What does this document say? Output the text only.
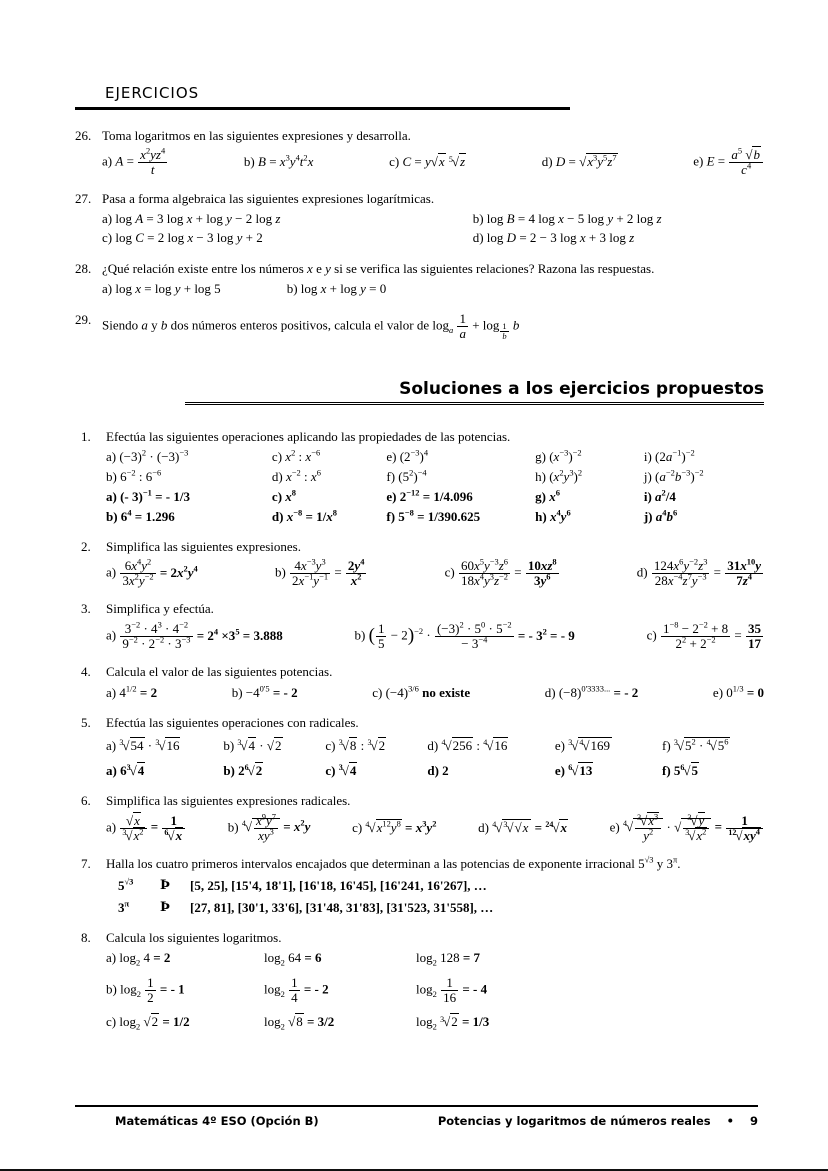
EJERCICIOS
26. Toma logaritmos en las siguientes expresiones y desarrolla.
a) $A = \frac{x^2yz^4}{t}$	b) $B = x^3y^4t^2x$	c) C = y√x $^5$√z	d) $D = √x^3y^5z^7$	e) $E = \frac{a^5 √b}{c^4}$
27. Pasa a forma algebraica las siguientes expresiones logarítmicas.
a) log A = 3 log x + log y − 2 log z	b) log B = 4 log x − 5 log y + 2 log z
c) log C = 2 log x − 3 log y + 2	d) log D = 2 − 3 log x + 3 log z
28. ¿Qué relación existe entre los números x e y si se verifica las siguientes relaciones? Razona las respuestas.
a) log x = log y + log 5	b) log x + log y = 0
29. Siendo a y b dos números enteros positivos, calcula el valor de $\log_a \frac{1}{a} + \log _{\frac{1}{b}}$ b
Soluciones a los ejercicios propuestos
1.	Efectúa las siguientes operaciones aplicando las propiedades de las potencias.
a) $(-3)^2 \cdot (-3)^{-3}$	c) $x^2$ : $x^{-6}$	e) $(2^{-3})^4$	g) $(x^{-3})^{-2}$	i) $(2a^{-1})^{-2}$
b) $6^{-2}$ : $6^{-6}$	d) $x^{-2}$ : $x^6$	f) $(5^2)^{-4}$	h) $(x^2y^3)^2$	j) $(a^{-2}b^{-3})^{-2}$
a) (- 3)$^{-1}$ = - 1/3	c) $x^8$	e) $2^{-12} = 1/4.096$	g) $x^6$	i) $a^2/4$
b) $6^4 = 1.296$	d) $x^{-8} = 1/x^8$	f) $5^{-8} = 1/390.625$	h) $x^4y^6$	j) $a^4b^6$
2.	Simplifica las siguientes expresiones.
$a) \frac{6x^4y^2}{3x^2y^{-2}} = 2x^2y^4$	$b) \frac{4x^{-3}y^3}{2x^{-1}y^{-1}} = \frac{2y^4}{x^2}$	$c) \frac{60x^5y^{-3}z^6}{18x^4y^3z^{-2}} = \frac{10xz^8}{3y^6}$	$d) \frac{124x^6y^{-2}z^3}{28x^{-4}z^7y^{-3}} = \frac{31x^{10}y}{7z^4}$
3.	Simplifica y efectúa.
$a) \frac{3^{-2} \cdot 4^3 \cdot 4^{-2}}{9^{-2} \cdot 2^{-2} \cdot 3^{-3}} = 2^4 \times 3^5 = 3.888$	b) ( $\frac{1}{5} - 2)^{-2} \cdot \frac{(-3)^2 \cdot 5^0 \cdot 5^{-2}}{- 3^{-4}}$ = - $3^2$ = - 9	$c) \frac{1^{-8} - 2^{-2} + 8}{2^2 + 2^{-2}} = \frac{35}{17}$
4.	Calcula el valor de las siguientes potencias.
a) $4^{1/2} = 2$	$b) -4^{0'5}$ = - 2	c) $(-4)^{3/6}$ no existe	d) $(-8)^{0'3333...}$ = - 2	e) $0^{1/3} = 0$
5.	Efectúa las siguientes operaciones con radicales.
a) $^3$√54 · $^3$√16	b) $^3$√4 · √2	c) $^3$√8 : $^3$√2	d) $^4$√256 : $^4$√16	e) $^3$√$^4$√169	f) $^3√5^2 \cdot ^4√5^6$
a) $6^3√4$	b) $2^6√2$	c) $^3$√4	d) 2	e) $^6$√13	f) $5^6√5$
6.	Simplifica las siguientes expresiones radicales.
$a) \frac{√x}{^3√x^2} = \frac{1}{^6√x}$	b) $^4√ \frac{x^9y^7}{xy^3} = x^2y$	c) $^4√x^{12}y^8 = x^3y^2$	d) $^4$√$^3$√√x = $^{24}$√x	e) $^4√ \frac{^3√x^3}{y^2}$ · √ $\frac{^3√y}{^3√x^2} = \frac{1}{^{12}√xy^4}$
7.	Halla los cuatro primeros intervalos encajados que determinan a las potencias de exponente irracional $5^{√3}$ y $3^\pi$.
$5^{√3}$	Þ	[5, 25], [15'4, 18'1], [16'18, 16'45], [16'241, 16'267], …
$3^\pi$	Þ	[27, 81], [30'1, 33'6], [31'48, 31'83], [31'523, 31'558], …
8.	Calcula los siguientes logaritmos.
a) $\log_2 4 = 2$	$\log_2 64 = 6$	$\log_2 128 = 7$
b) $\log_2 \frac{1}{2}$ = - 1	$\log_2 \frac{1}{4}$ = - 2	$\log_2 \frac{1}{16}$ = - 4
c) $\log_2 √2 = 1/2$	$\log_2 √8 = 3/2$	$\log_2 ^3√2 = 1/3$
Matemáticas 4º ESO (Opción B)	Potencias y logaritmos de números reales • 9
